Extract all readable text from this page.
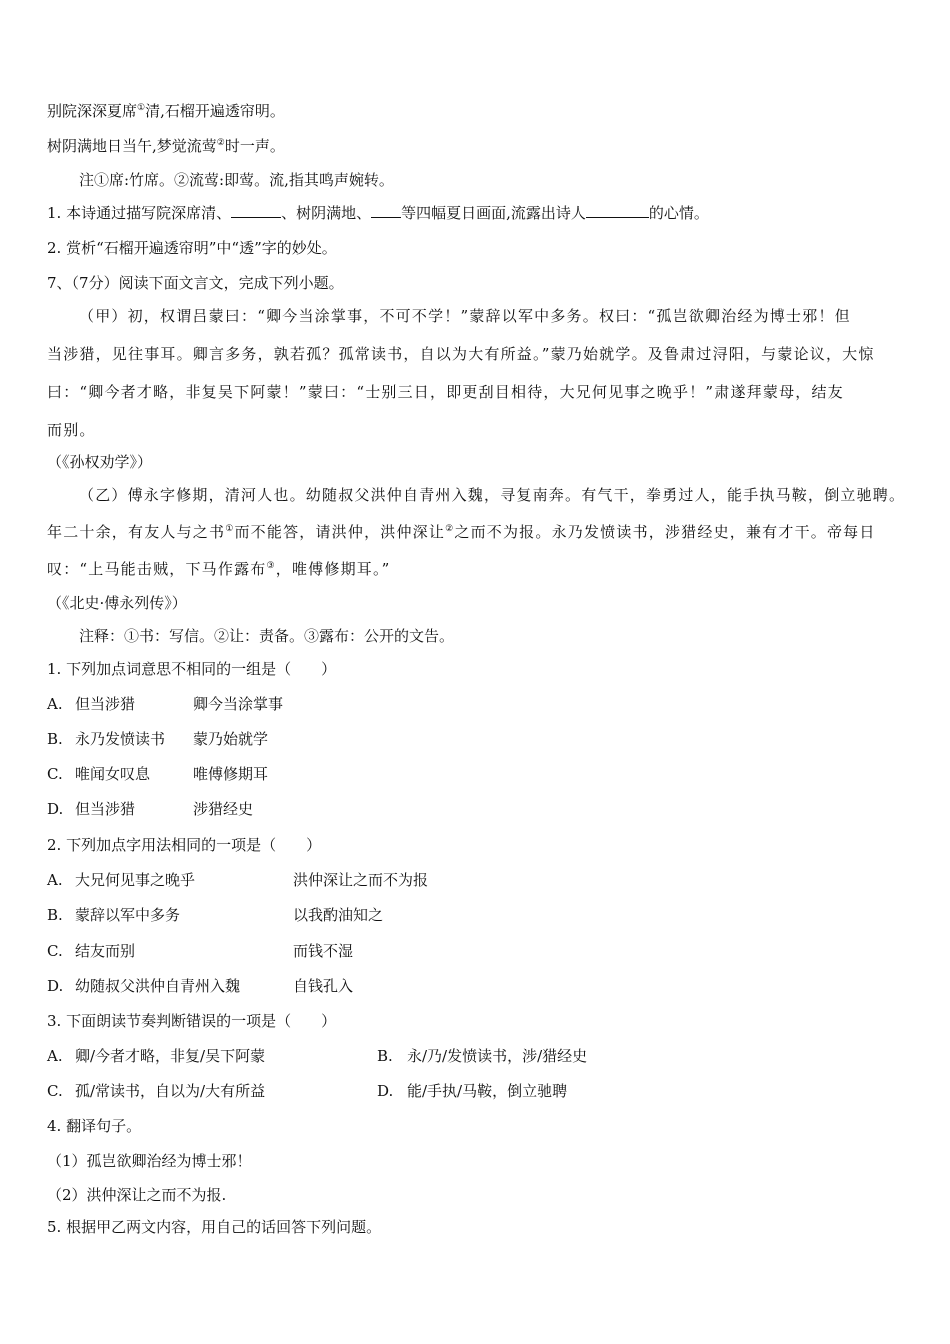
别院深深夏席①清,石榴开遍透帘明。
树阴满地日当午,梦觉流莺②时一声。
注①席:竹席。②流莺:即莺。流,指其鸣声婉转。
1. 本诗通过描写院深席清、	、树阴满地、 等四幅夏日画面,流露出诗人	的心情。
2. 赏析“石榴开遍透帘明”中“透”字的妙处。
7、（7分）阅读下面文言文，完成下列小题。
（甲）初，权谓吕蒙曰：“卿今当涂掌事，不可不学！”蒙辞以军中多务。权曰：“孤岂欲卿治经为博士邪！但
当涉猎，见往事耳。卿言多务，孰若孤？孤常读书，自以为大有所益。”蒙乃始就学。及鲁肃过浔阳，与蒙论议，大惊
曰：“卿今者才略，非复吴下阿蒙！”蒙曰：“士别三日，即更刮目相待，大兄何见事之晚乎！”肃遂拜蒙母，结友
而别。
（《孙权劝学》）
（乙）傅永字修期，清河人也。幼随叔父洪仲自青州入魏，寻复南奔。有气干，拳勇过人，能手执马鞍，倒立驰聘。
年二十余，有友人与之书①而不能答，请洪仲，洪仲深让②之而不为报。永乃发愤读书，涉猎经史，兼有才干。帝每日
叹：“上马能击贼，下马作露布③，唯傅修期耳。”
（《北史·傅永列传》）
注释：①书：写信。②让：责备。③露布：公开的文告。
1. 下列加点词意思不相同的一组是（　　）
A. 但当涉猎	卿今当涂掌事
B. 永乃发愤读书 蒙乃始就学
C. 唯闻女叹息	唯傅修期耳
D. 但当涉猎	涉猎经史
2. 下列加点字用法相同的一项是（　　）
A. 大兄何见事之晚乎	洪仲深让之而不为报
B. 蒙辞以军中多务	以我酌油知之
C. 结友而别	而钱不湿
D. 幼随叔父洪仲自青州入魏	自钱孔入
3. 下面朗读节奏判断错误的一项是（　　）
A. 卿/今者才略，非复/吴下阿蒙	B. 永/乃/发愤读书，涉/猎经史
C. 孤/常读书，自以为/大有所益	D. 能/手执/马鞍，倒立驰聘
4. 翻译句子。
（1）孤岂欲卿治经为博士邪！
（2）洪仲深让之而不为报.
5. 根据甲乙两文内容，用自己的话回答下列问题。
